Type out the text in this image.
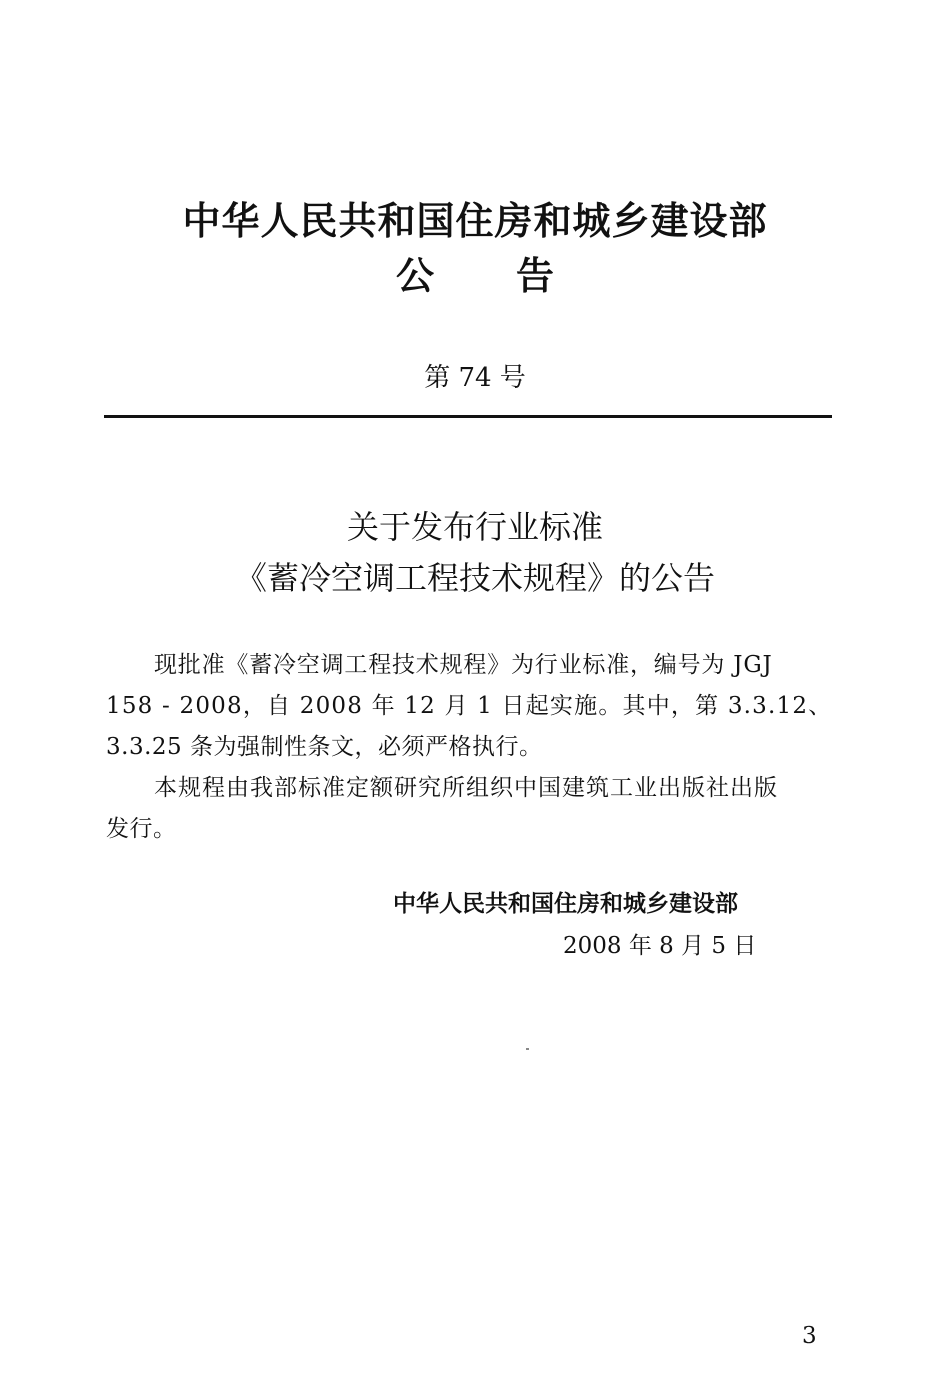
中华人民共和国住房和城乡建设部
公告
第 74 号
关于发布行业标准
《蓄冷空调工程技术规程》的公告
现批准《蓄冷空调工程技术规程》为行业标准，编号为 JGJ
158 - 2008，自 2008 年 12 月 1 日起实施。其中，第 3.3.12、
3.3.25 条为强制性条文，必须严格执行。
本规程由我部标准定额研究所组织中国建筑工业出版社出版
发行。
中华人民共和国住房和城乡建设部
2008 年 8 月 5 日
3
